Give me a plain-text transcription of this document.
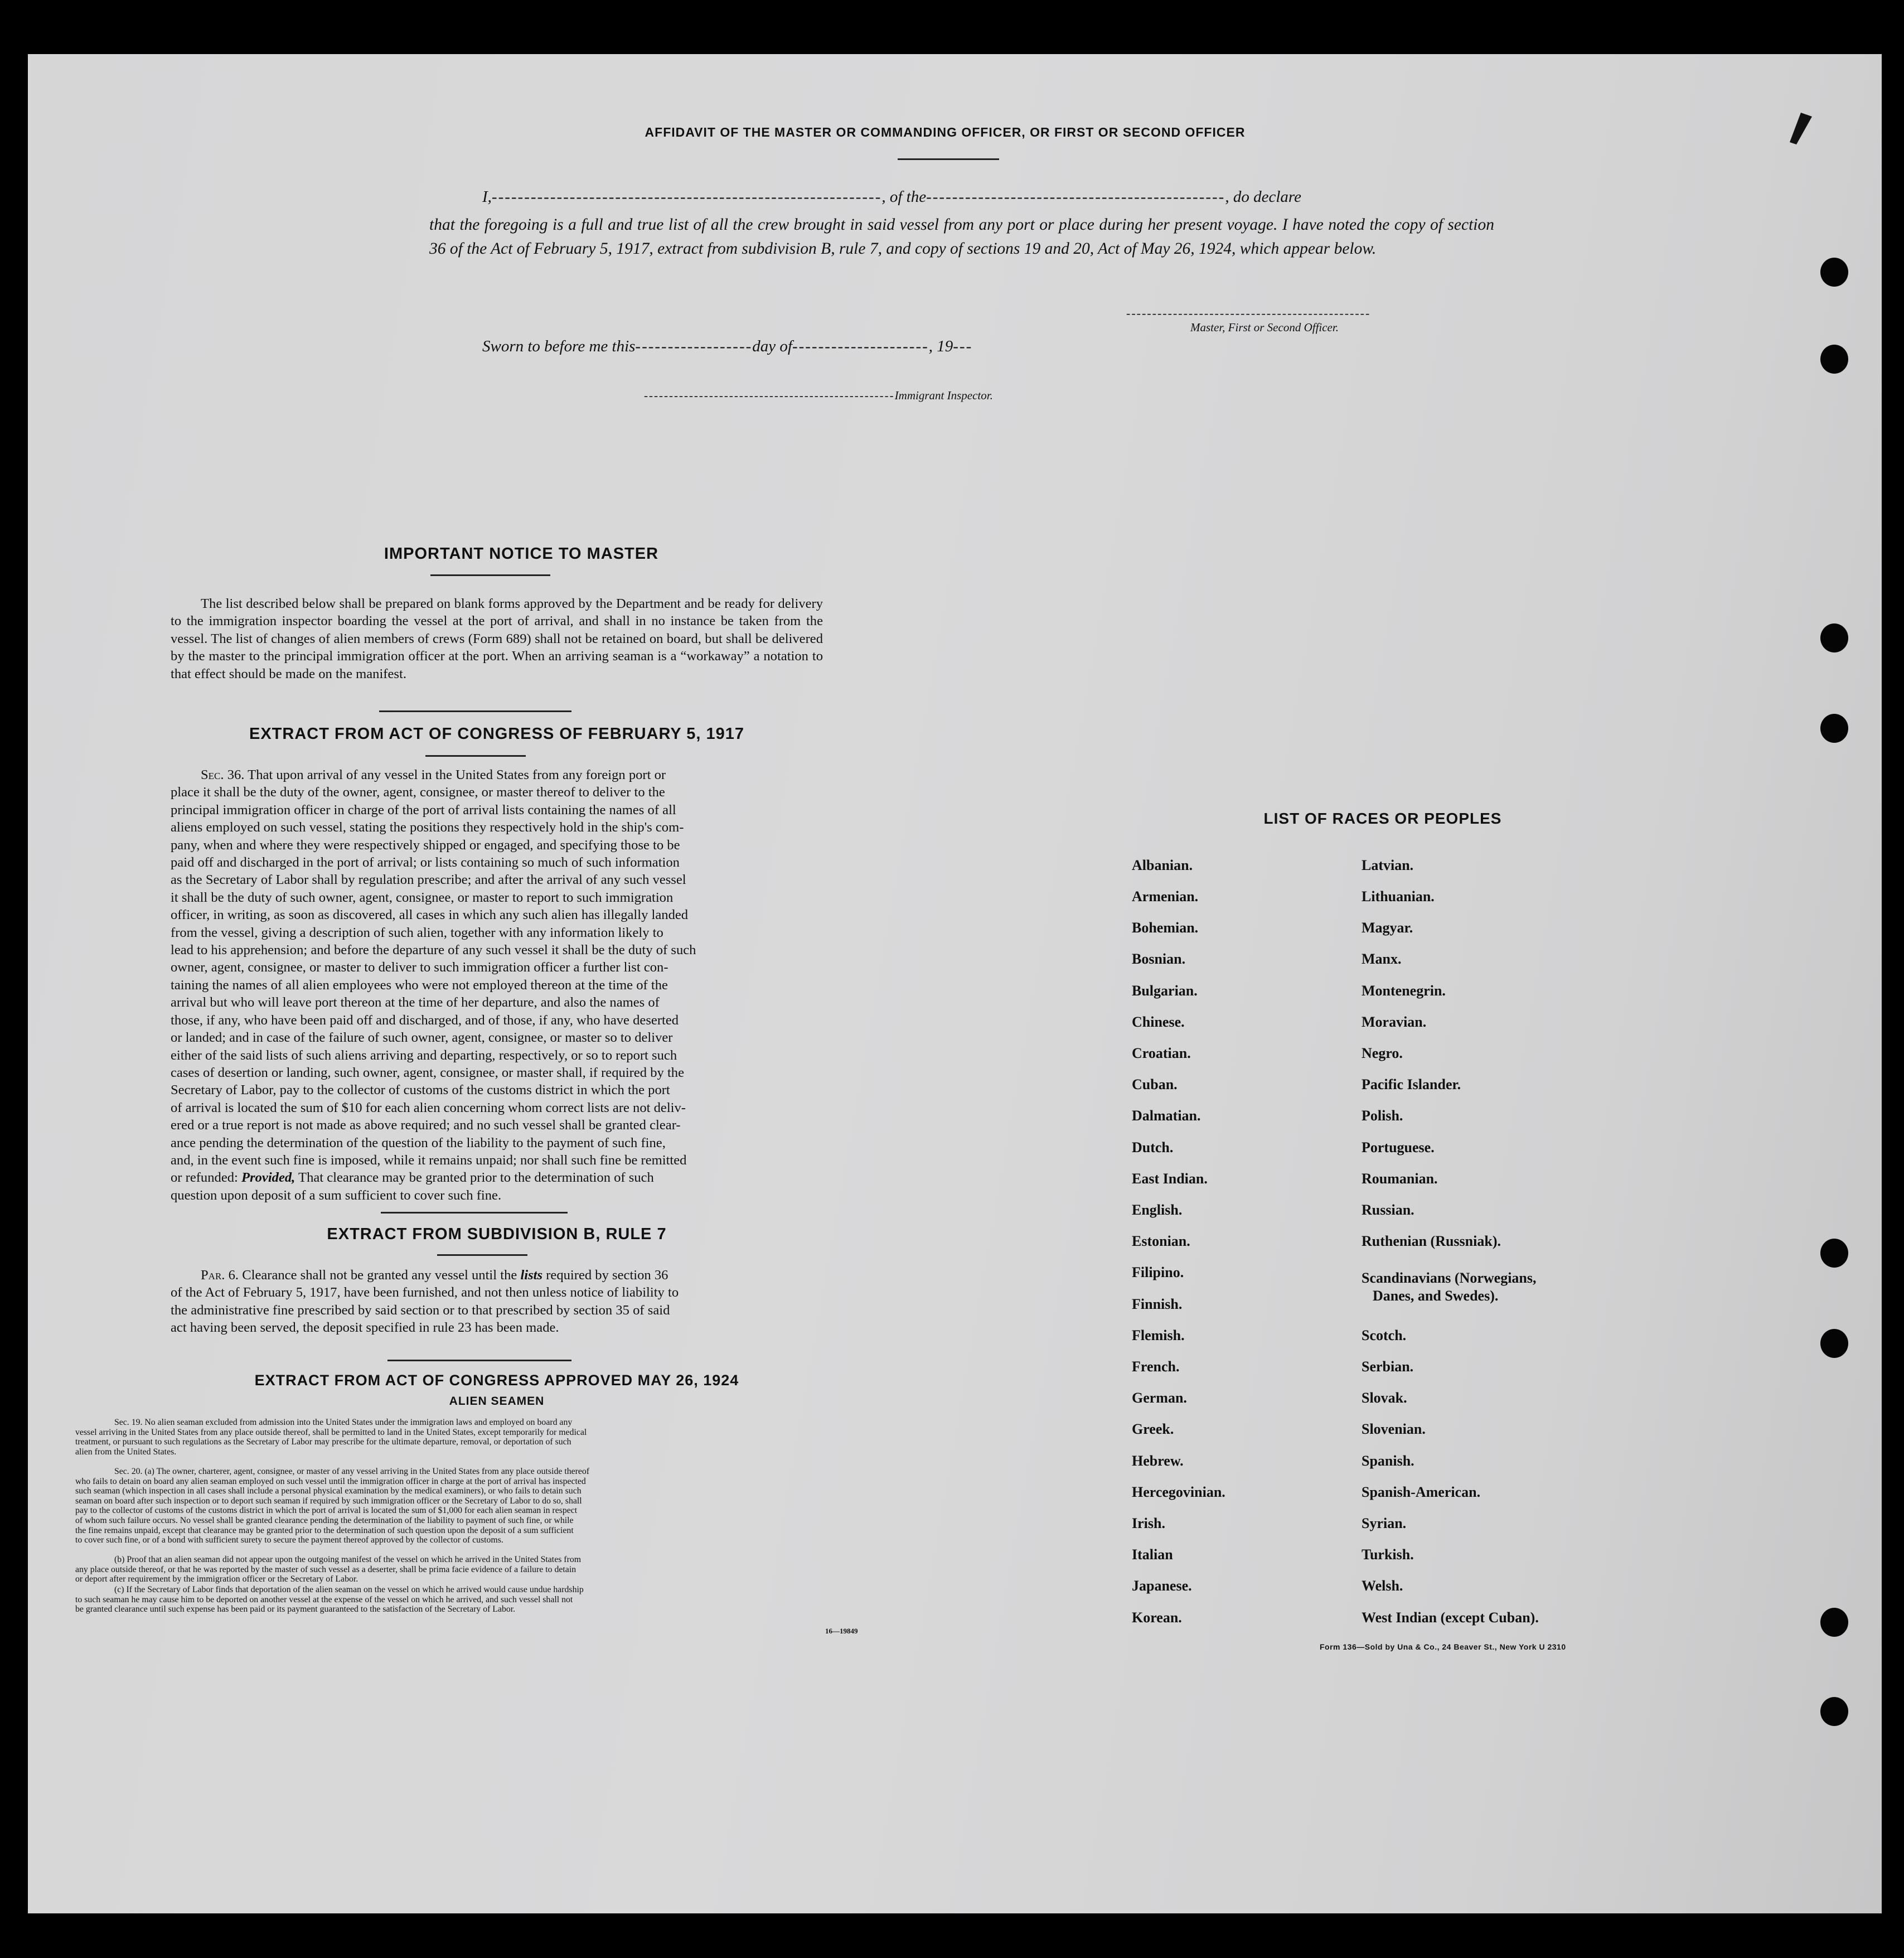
AFFIDAVIT OF THE MASTER OR COMMANDING OFFICER, OR FIRST OR SECOND OFFICER
I,------------------------------------------------------------, of the----------------------------------------------, do declare
that the foregoing is a full and true list of all the crew brought in said vessel from any port or place during her present voyage. I have noted the copy of section 36 of the Act of February 5, 1917, extract from subdivision B, rule 7, and copy of sections 19 and 20, Act of May 26, 1924, which appear below.
-----------------------------------------------
Master, First or Second Officer.
Sworn to before me this------------------day of---------------------, 19---
--------------------------------------------------Immigrant Inspector.
IMPORTANT NOTICE TO MASTER
The list described below shall be prepared on blank forms approved by the Department and be ready for delivery to the immigration inspector boarding the vessel at the port of arrival, and shall in no instance be taken from the vessel. The list of changes of alien members of crews (Form 689) shall not be retained on board, but shall be delivered by the master to the principal immigration officer at the port. When an arriving seaman is a “workaway” a notation to that effect should be made on the manifest.
EXTRACT FROM ACT OF CONGRESS OF FEBRUARY 5, 1917
Sec. 36. That upon arrival of any vessel in the United States from any foreign port or
place it shall be the duty of the owner, agent, consignee, or master thereof to deliver to the
principal immigration officer in charge of the port of arrival lists containing the names of all
aliens employed on such vessel, stating the positions they respectively hold in the ship's com-
pany, when and where they were respectively shipped or engaged, and specifying those to be
paid off and discharged in the port of arrival; or lists containing so much of such information
as the Secretary of Labor shall by regulation prescribe; and after the arrival of any such vessel
it shall be the duty of such owner, agent, consignee, or master to report to such immigration
officer, in writing, as soon as discovered, all cases in which any such alien has illegally landed
from the vessel, giving a description of such alien, together with any information likely to
lead to his apprehension; and before the departure of any such vessel it shall be the duty of such
owner, agent, consignee, or master to deliver to such immigration officer a further list con-
taining the names of all alien employees who were not employed thereon at the time of the
arrival but who will leave port thereon at the time of her departure, and also the names of
those, if any, who have been paid off and discharged, and of those, if any, who have deserted
or landed; and in case of the failure of such owner, agent, consignee, or master so to deliver
either of the said lists of such aliens arriving and departing, respectively, or so to report such
cases of desertion or landing, such owner, agent, consignee, or master shall, if required by the
Secretary of Labor, pay to the collector of customs of the customs district in which the port
of arrival is located the sum of $10 for each alien concerning whom correct lists are not deliv-
ered or a true report is not made as above required; and no such vessel shall be granted clear-
ance pending the determination of the question of the liability to the payment of such fine,
and, in the event such fine is imposed, while it remains unpaid; nor shall such fine be remitted
or refunded: Provided, That clearance may be granted prior to the determination of such
question upon deposit of a sum sufficient to cover such fine.
EXTRACT FROM SUBDIVISION B, RULE 7
Par. 6. Clearance shall not be granted any vessel until the lists required by section 36
of the Act of February 5, 1917, have been furnished, and not then unless notice of liability to
the administrative fine prescribed by said section or to that prescribed by section 35 of said
act having been served, the deposit specified in rule 23 has been made.
EXTRACT FROM ACT OF CONGRESS APPROVED MAY 26, 1924
ALIEN SEAMEN
Sec. 19. No alien seaman excluded from admission into the United States under the immigration laws and employed on board any
vessel arriving in the United States from any place outside thereof, shall be permitted to land in the United States, except temporarily for medical
treatment, or pursuant to such regulations as the Secretary of Labor may prescribe for the ultimate departure, removal, or deportation of such
alien from the United States.
Sec. 20. (a) The owner, charterer, agent, consignee, or master of any vessel arriving in the United States from any place outside thereof
who fails to detain on board any alien seaman employed on such vessel until the immigration officer in charge at the port of arrival has inspected
such seaman (which inspection in all cases shall include a personal physical examination by the medical examiners), or who fails to detain such
seaman on board after such inspection or to deport such seaman if required by such immigration officer or the Secretary of Labor to do so, shall
pay to the collector of customs of the customs district in which the port of arrival is located the sum of $1,000 for each alien seaman in respect
of whom such failure occurs. No vessel shall be granted clearance pending the determination of the liability to payment of such fine, or while
the fine remains unpaid, except that clearance may be granted prior to the determination of such question upon the deposit of a sum sufficient
to cover such fine, or of a bond with sufficient surety to secure the payment thereof approved by the collector of customs.
(b) Proof that an alien seaman did not appear upon the outgoing manifest of the vessel on which he arrived in the United States from
any place outside thereof, or that he was reported by the master of such vessel as a deserter, shall be prima facie evidence of a failure to detain
or deport after requirement by the immigration officer or the Secretary of Labor.
(c) If the Secretary of Labor finds that deportation of the alien seaman on the vessel on which he arrived would cause undue hardship
to such seaman he may cause him to be deported on another vessel at the expense of the vessel on which he arrived, and such vessel shall not
be granted clearance until such expense has been paid or its payment guaranteed to the satisfaction of the Secretary of Labor.
16—19849
LIST OF RACES OR PEOPLES
Albanian.
Armenian.
Bohemian.
Bosnian.
Bulgarian.
Chinese.
Croatian.
Cuban.
Dalmatian.
Dutch.
East Indian.
English.
Estonian.
Filipino.
Finnish.
Flemish.
French.
German.
Greek.
Hebrew.
Hercegovinian.
Irish.
Italian
Japanese.
Korean.
Latvian.
Lithuanian.
Magyar.
Manx.
Montenegrin.
Moravian.
Negro.
Pacific Islander.
Polish.
Portuguese.
Roumanian.
Russian.
Ruthenian (Russniak).
Scandinavians (Norwegians,
Danes, and Swedes).
Scotch.
Serbian.
Slovak.
Slovenian.
Spanish.
Spanish-American.
Syrian.
Turkish.
Welsh.
West Indian (except Cuban).
Form 136—Sold by Una & Co., 24 Beaver St., New York U 2310
